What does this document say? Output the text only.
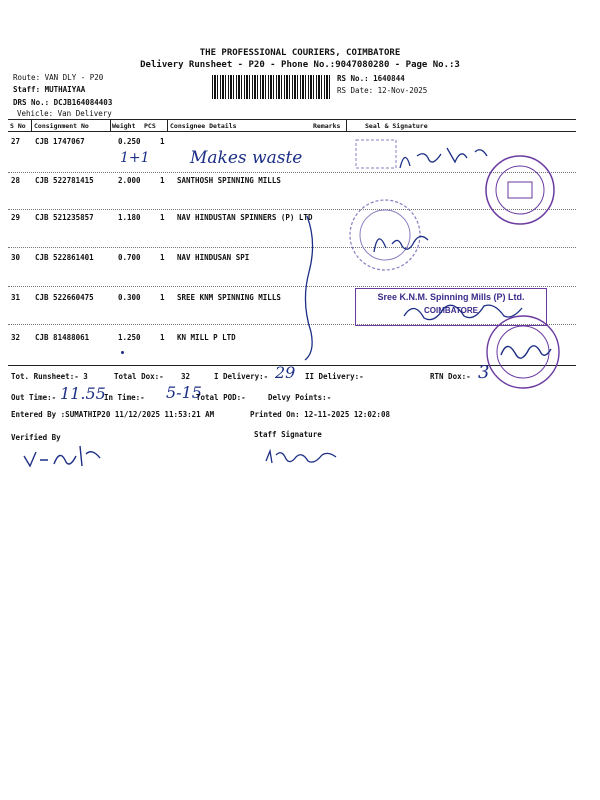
THE PROFESSIONAL COURIERS, COIMBATORE
Delivery Runsheet - P20 - Phone No.:9047080280 - Page No.:3
Route: VAN DLY - P20
Staff: MUTHAIYAA
DRS No.: DCJB164084403
Vehicle: Van Delivery
RS No.: 1640844
RS Date: 12-Nov-2025
S No Consignment No	Weight PCS Consignee Details	Remarks	Seal & Signature
27 CJB 1747067	0.250	1
28 CJB 522781415	2.000	1 SANTHOSH SPINNING MILLS
29 CJB 521235857	1.180	1 NAV HINDUSTAN SPINNERS (P) LTD
30 CJB 522861401	0.700	1 NAV HINDUSAN SPI
31 CJB 522660475	0.300	1 SREE KNM SPINNING MILLS
32 CJB 81488061	1.250	1 KN MILL P LTD
1+1 Makes waste
Sree K.N.M. Spinning Mills (P) Ltd.
COIMBATORE
Tot. Runsheet:- 3	Total Dox:- 32	I Delivery:- 29 II Delivery:-	RTN Dox:- 3
Out Time:- 11.55
In Time:- 5-15
Total POD:-	Delvy Points:-
Entered By :SUMATHIP20 11/12/2025 11:53:21 AM	Printed On: 12-11-2025 12:02:08
Verified By	Staff Signature
